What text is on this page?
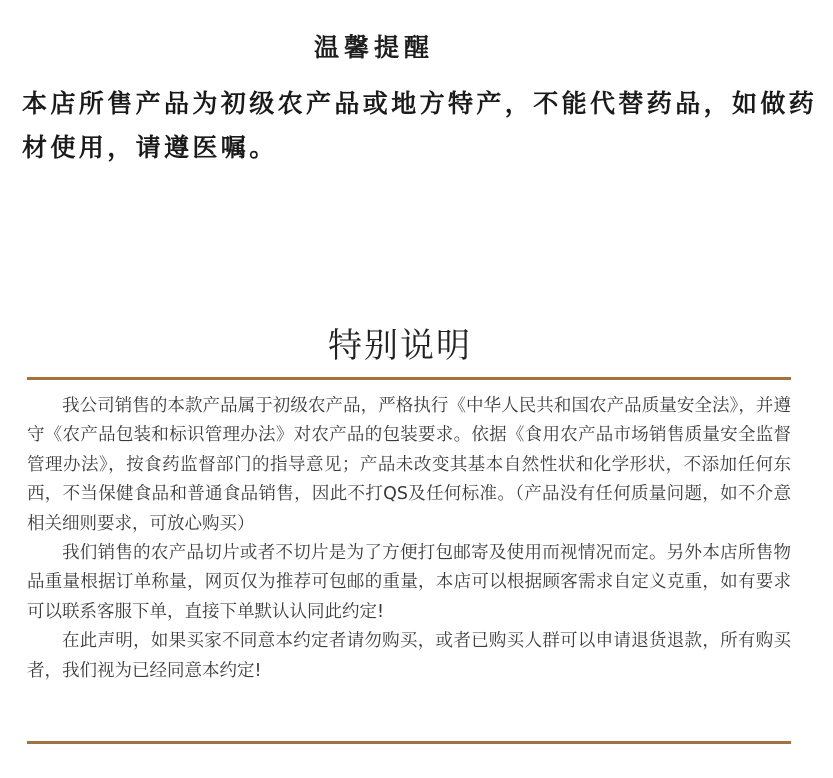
温馨提醒

本店所售产品为初级农产品或地方特产，不能代替药品，如做药材使用，请遵医嘱。

特别说明

我公司销售的本款产品属于初级农产品，严格执行《中华人民共和国农产品质量安全法》，并遵守《农产品包装和标识管理办法》对农产品的包装要求。依据《食用农产品市场销售质量安全监督管理办法》，按食药监督部门的指导意见；产品未改变其基本自然性状和化学形状，不添加任何东西，不当保健食品和普通食品销售，因此不打QS及任何标准。（产品没有任何质量问题，如不介意相关细则要求，可放心购买）

我们销售的农产品切片或者不切片是为了方便打包邮寄及使用而视情况而定。另外本店所售物品重量根据订单称量，网页仅为推荐可包邮的重量，本店可以根据顾客需求自定义克重，如有要求可以联系客服下单，直接下单默认认同此约定!

在此声明，如果买家不同意本约定者请勿购买，或者已购买人群可以申请退货退款，所有购买者，我们视为已经同意本约定!
